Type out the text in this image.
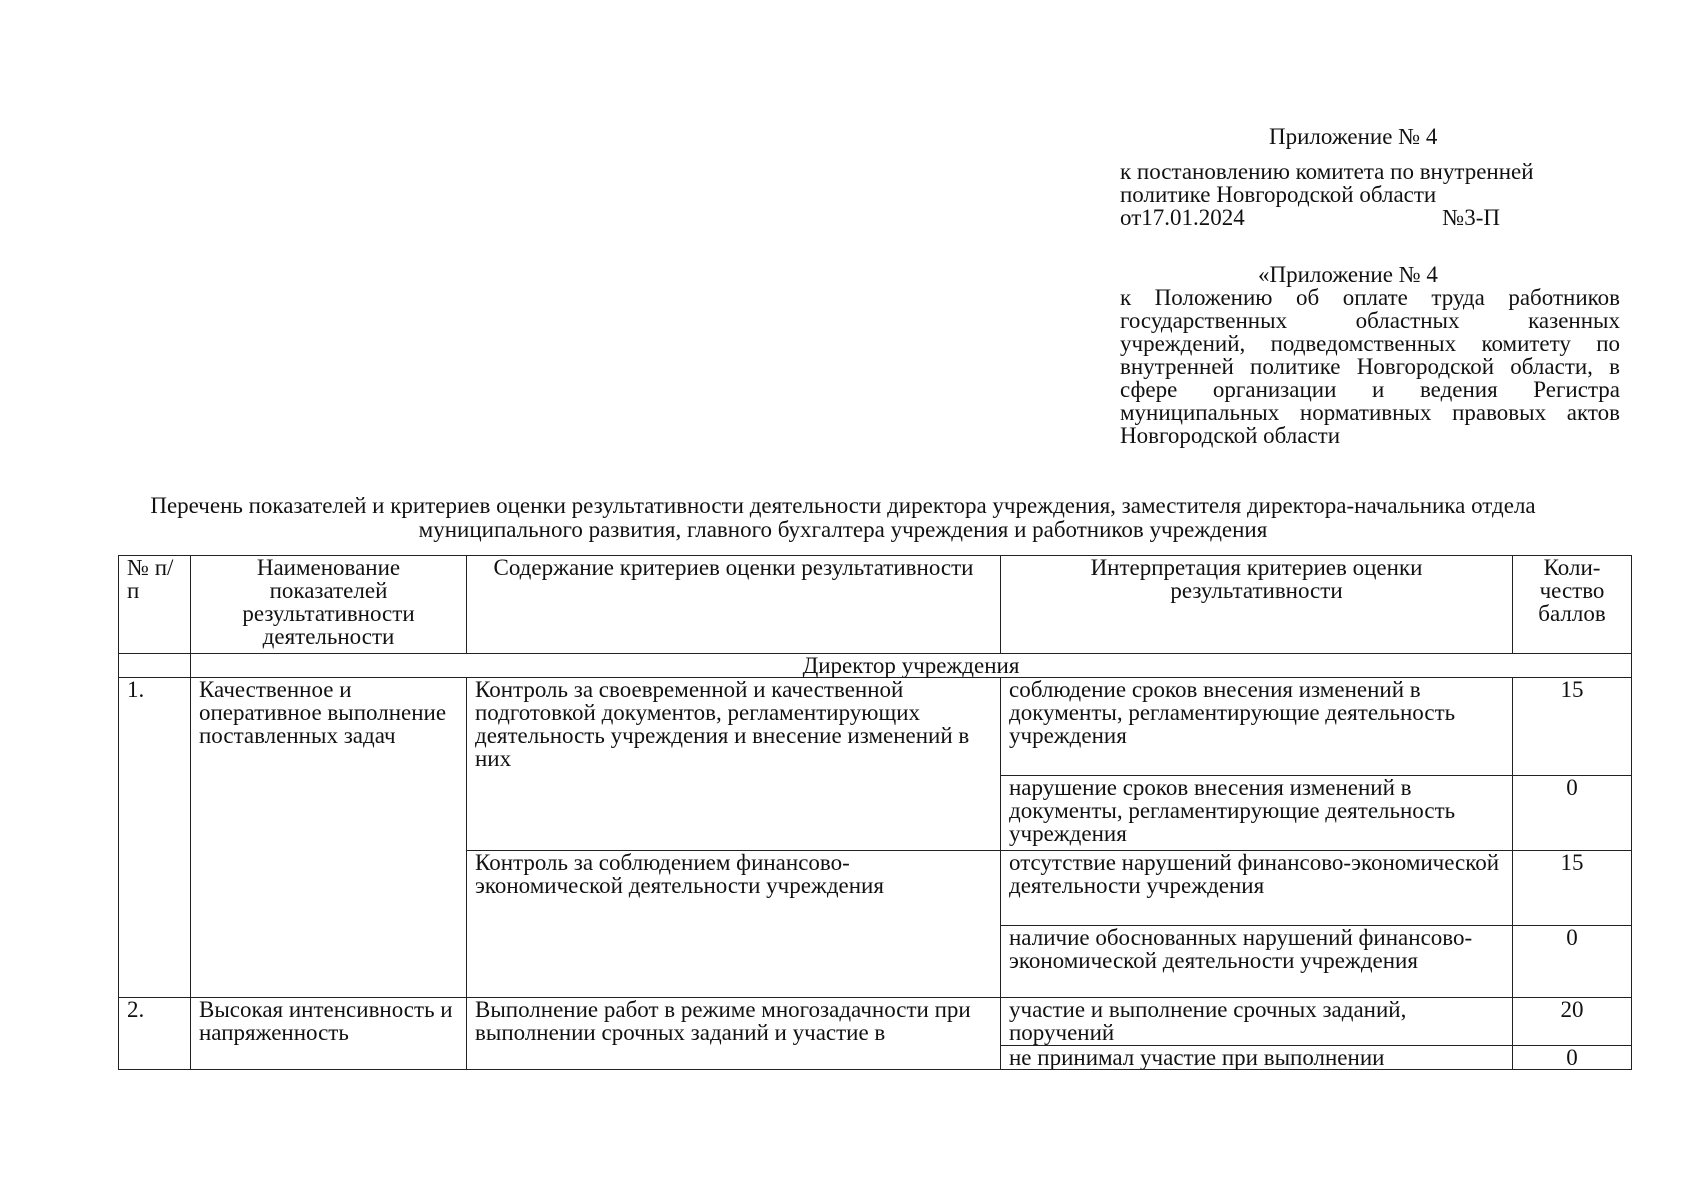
Приложение № 4
к постановлению комитета по внутренней политике Новгородской области
от17.01.2024	№3-П
«Приложение № 4
к Положению об оплате труда работников государственных областных казенных учреждений, подведомственных комитету по внутренней политике Новгородской области, в сфере организации и ведения Регистра муниципальных нормативных правовых актов Новгородской области
Перечень показателей и критериев оценки результативности деятельности директора учреждения, заместителя директора-начальника отдела муниципального развития, главного бухгалтера учреждения и работников учреждения
№ п/п	Наименование показателей результативности деятельности	Содержание критериев оценки результативности	Интерпретация критериев оценки результативности	Коли-чество баллов
	Директор учреждения			
1.	Качественное и оперативное выполнение поставленных задач	Контроль за своевременной и качественной подготовкой документов, регламентирующих деятельность учреждения и внесение изменений в них	соблюдение сроков внесения изменений в документы, регламентирующие деятельность учреждения	15
			нарушение сроков внесения изменений в документы, регламентирующие деятельность учреждения	0
		Контроль за соблюдением финансово-экономической деятельности учреждения	отсутствие нарушений финансово-экономической деятельности учреждения	15
			наличие обоснованных нарушений финансово-экономической деятельности учреждения	0
2.	Высокая интенсивность и напряженность	Выполнение работ в режиме многозадачности при выполнении срочных заданий и участие в	участие и выполнение срочных заданий, поручений	20
			не принимал участие при выполнении	0
